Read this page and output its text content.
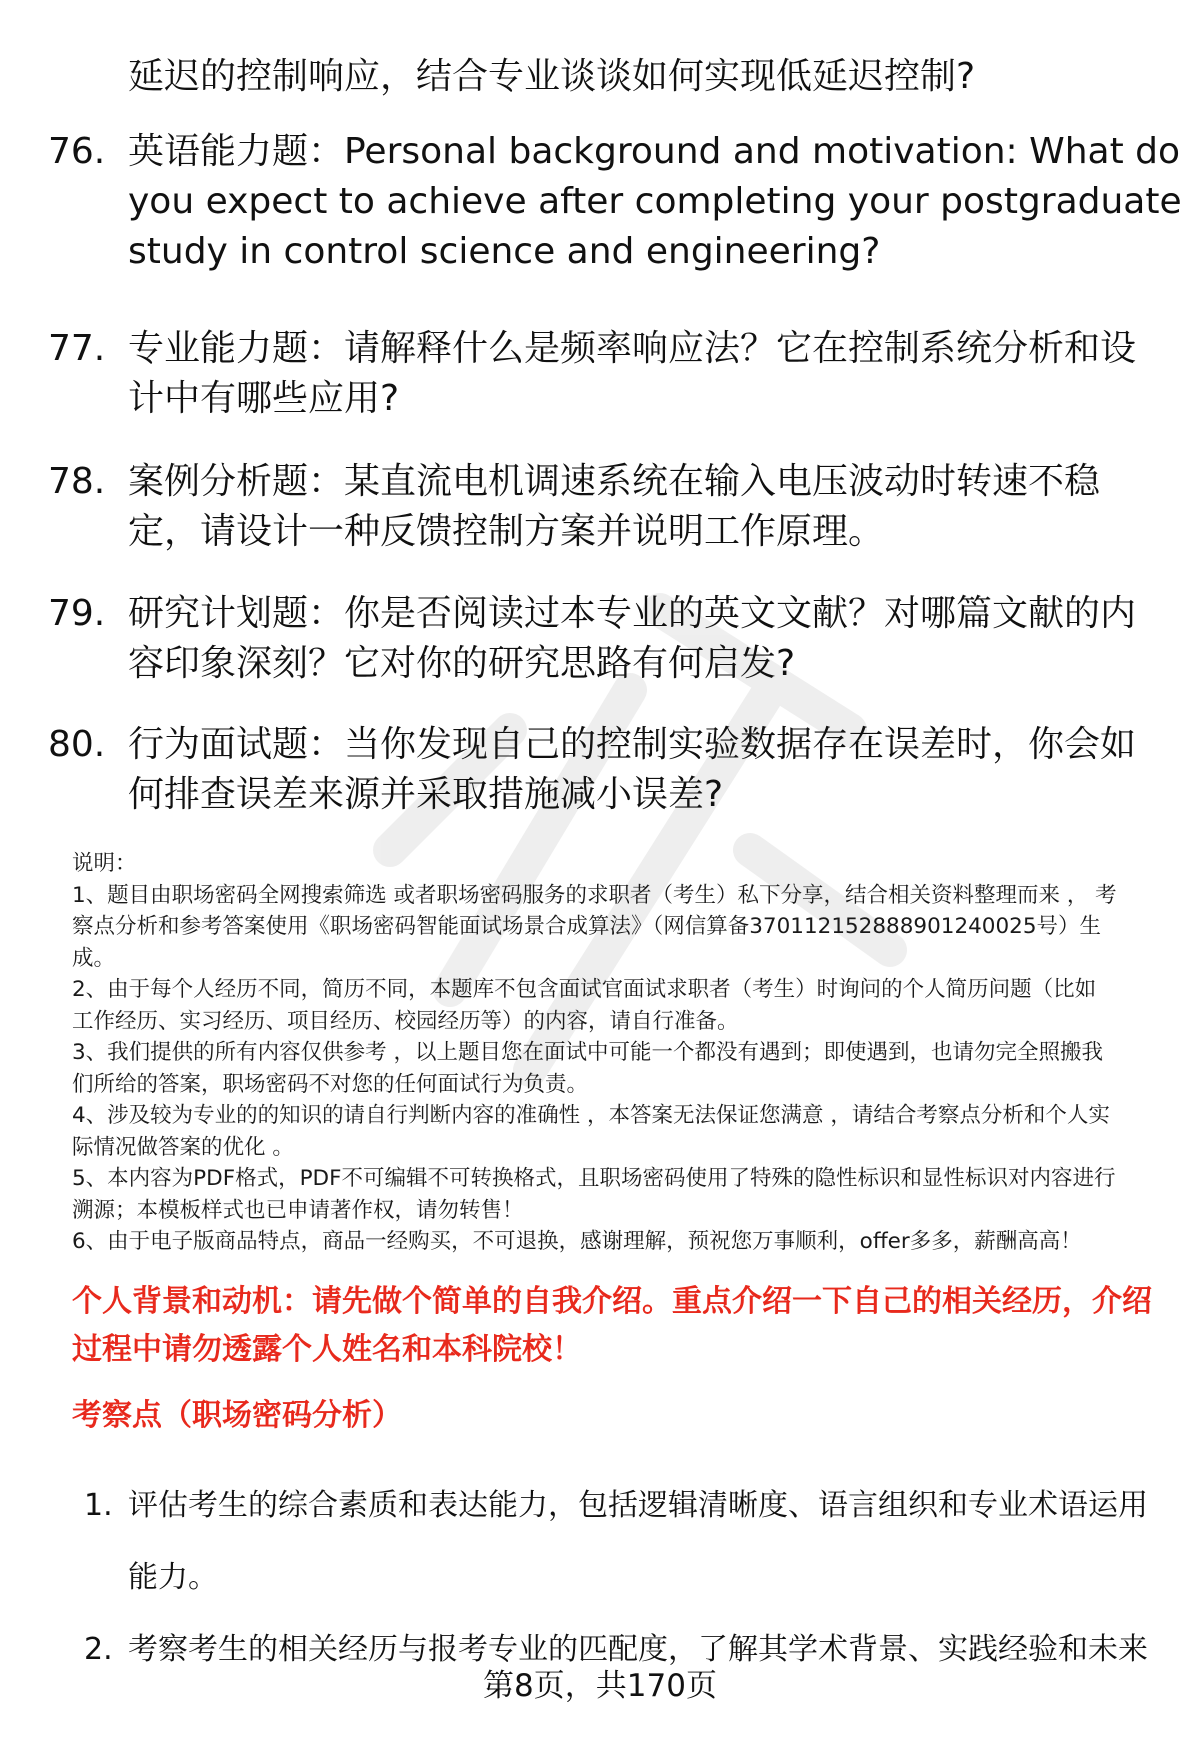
延迟的控制响应，结合专业谈谈如何实现低延迟控制?
76. 英语能力题：Personal background and motivation: What do
you expect to achieve after completing your postgraduate
study in control science and engineering?
77. 专业能力题：请解释什么是频率响应法？它在控制系统分析和设
计中有哪些应用?
78. 案例分析题：某直流电机调速系统在输入电压波动时转速不稳
定，请设计一种反馈控制方案并说明工作原理。
79. 研究计划题：你是否阅读过本专业的英文文献？对哪篇文献的内
容印象深刻？它对你的研究思路有何启发?
80. 行为面试题：当你发现自己的控制实验数据存在误差时，你会如
何排查误差来源并采取措施减小误差?
说明：
1、题目由职场密码全网搜索筛选 或者职场密码服务的求职者（考生）私下分享，结合相关资料整理而来 ， 考
察点分析和参考答案使用《职场密码智能面试场景合成算法》（网信算备370112152888901240025号）生
成。
2、由于每个人经历不同，简历不同，本题库不包含面试官面试求职者（考生）时询问的个人简历问题（比如
工作经历、实习经历、项目经历、校园经历等）的内容，请自行准备。
3、我们提供的所有内容仅供参考 ，以上题目您在面试中可能一个都没有遇到；即使遇到，也请勿完全照搬我
们所给的答案，职场密码不对您的任何面试行为负责。
4、涉及较为专业的的知识的请自行判断内容的准确性 ，本答案无法保证您满意 ，请结合考察点分析和个人实
际情况做答案的优化 。
5、本内容为PDF格式，PDF不可编辑不可转换格式，且职场密码使用了特殊的隐性标识和显性标识对内容进行
溯源；本模板样式也已申请著作权，请勿转售！
6、由于电子版商品特点，商品一经购买，不可退换，感谢理解，预祝您万事顺利，offer多多，薪酬高高！
个人背景和动机：请先做个简单的自我介绍。重点介绍一下自己的相关经历，介绍
过程中请勿透露个人姓名和本科院校！
考察点（职场密码分析）
1. 评估考生的综合素质和表达能力，包括逻辑清晰度、语言组织和专业术语运用
能力。
2. 考察考生的相关经历与报考专业的匹配度，了解其学术背景、实践经验和未来
第8页，共170页
